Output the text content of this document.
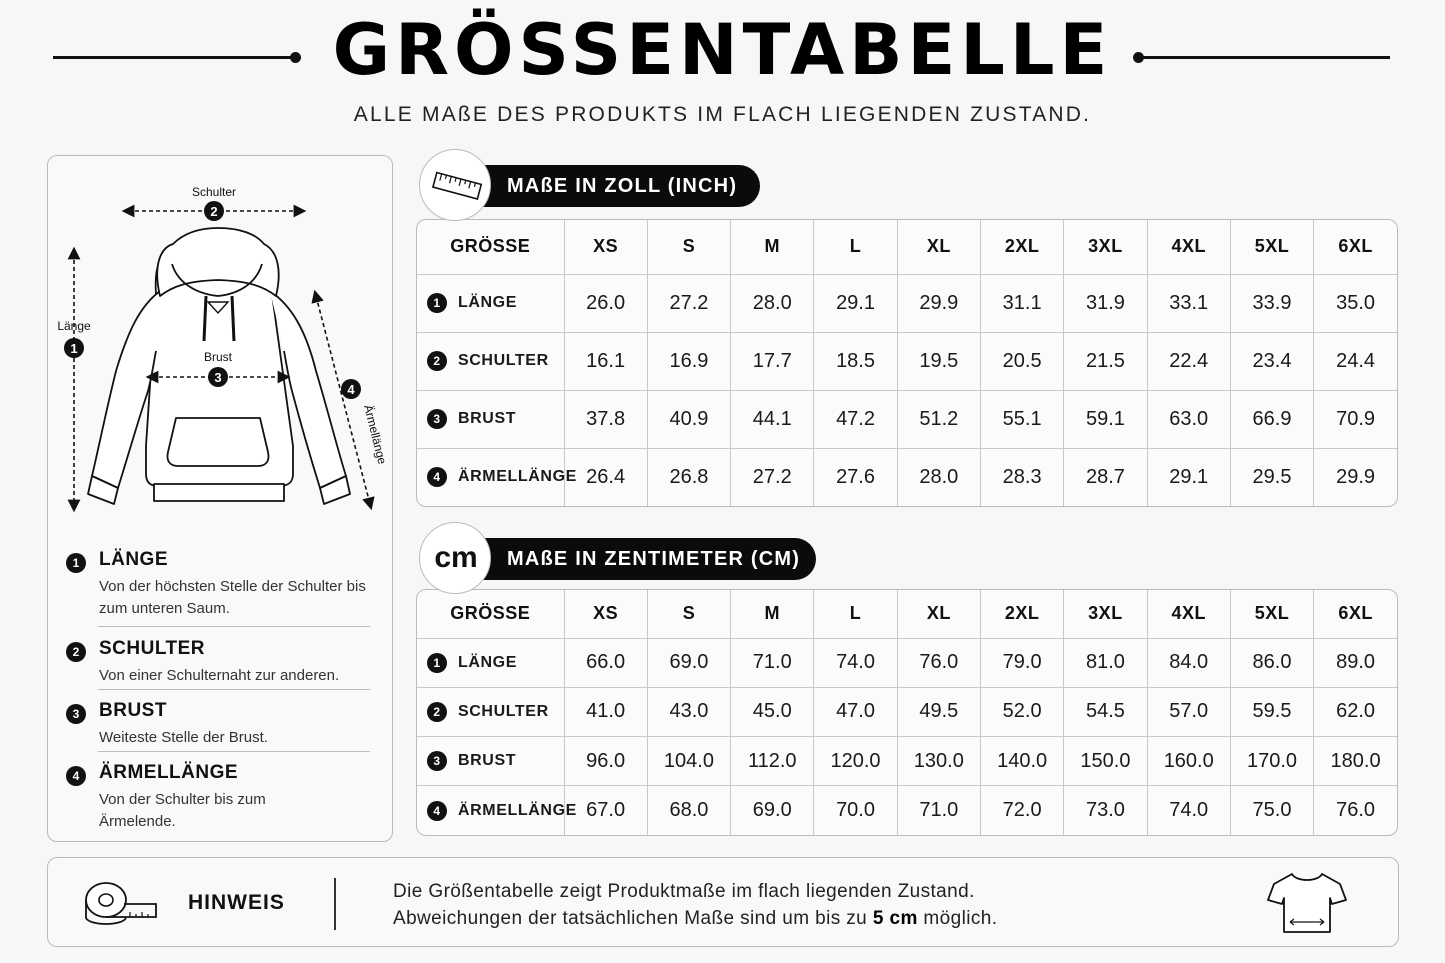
GRÖSSENTABELLE
ALLE MAßE DES PRODUKTS IM FLACH LIEGENDEN ZUSTAND.
Schulter
2
Länge
1
Brust
3
4
Ärmellänge
1	LÄNGE
Von der höchsten Stelle der Schulter bis zum unteren Saum.
2	SCHULTER
Von einer Schulternaht zur anderen.
3	BRUST
Weiteste Stelle der Brust.
4	ÄRMELLÄNGE
Von der Schulter bis zum Ärmelende.
MAßE IN ZOLL (INCH)
GRÖSSE	XS	S	M	L	XL	2XL	3XL	4XL	5XL	6XL
1 LÄNGE	26.0	27.2	28.0	29.1	29.9	31.1	31.9	33.1	33.9	35.0
2 SCHULTER	16.1	16.9	17.7	18.5	19.5	20.5	21.5	22.4	23.4	24.4
3 BRUST	37.8	40.9	44.1	47.2	51.2	55.1	59.1	63.0	66.9	70.9
4 ÄRMELLÄNGE	26.4	26.8	27.2	27.6	28.0	28.3	28.7	29.1	29.5	29.9
MAßE IN ZENTIMETER (CM)
cm
GRÖSSE	XS	S	M	L	XL	2XL	3XL	4XL	5XL	6XL
1 LÄNGE	66.0	69.0	71.0	74.0	76.0	79.0	81.0	84.0	86.0	89.0
2 SCHULTER	41.0	43.0	45.0	47.0	49.5	52.0	54.5	57.0	59.5	62.0
3 BRUST	96.0	104.0	112.0	120.0	130.0	140.0	150.0	160.0	170.0	180.0
4 ÄRMELLÄNGE	67.0	68.0	69.0	70.0	71.0	72.0	73.0	74.0	75.0	76.0
HINWEIS	Die Größentabelle zeigt Produktmaße im flach liegenden Zustand.
Abweichungen der tatsächlichen Maße sind um bis zu 5 cm möglich.
